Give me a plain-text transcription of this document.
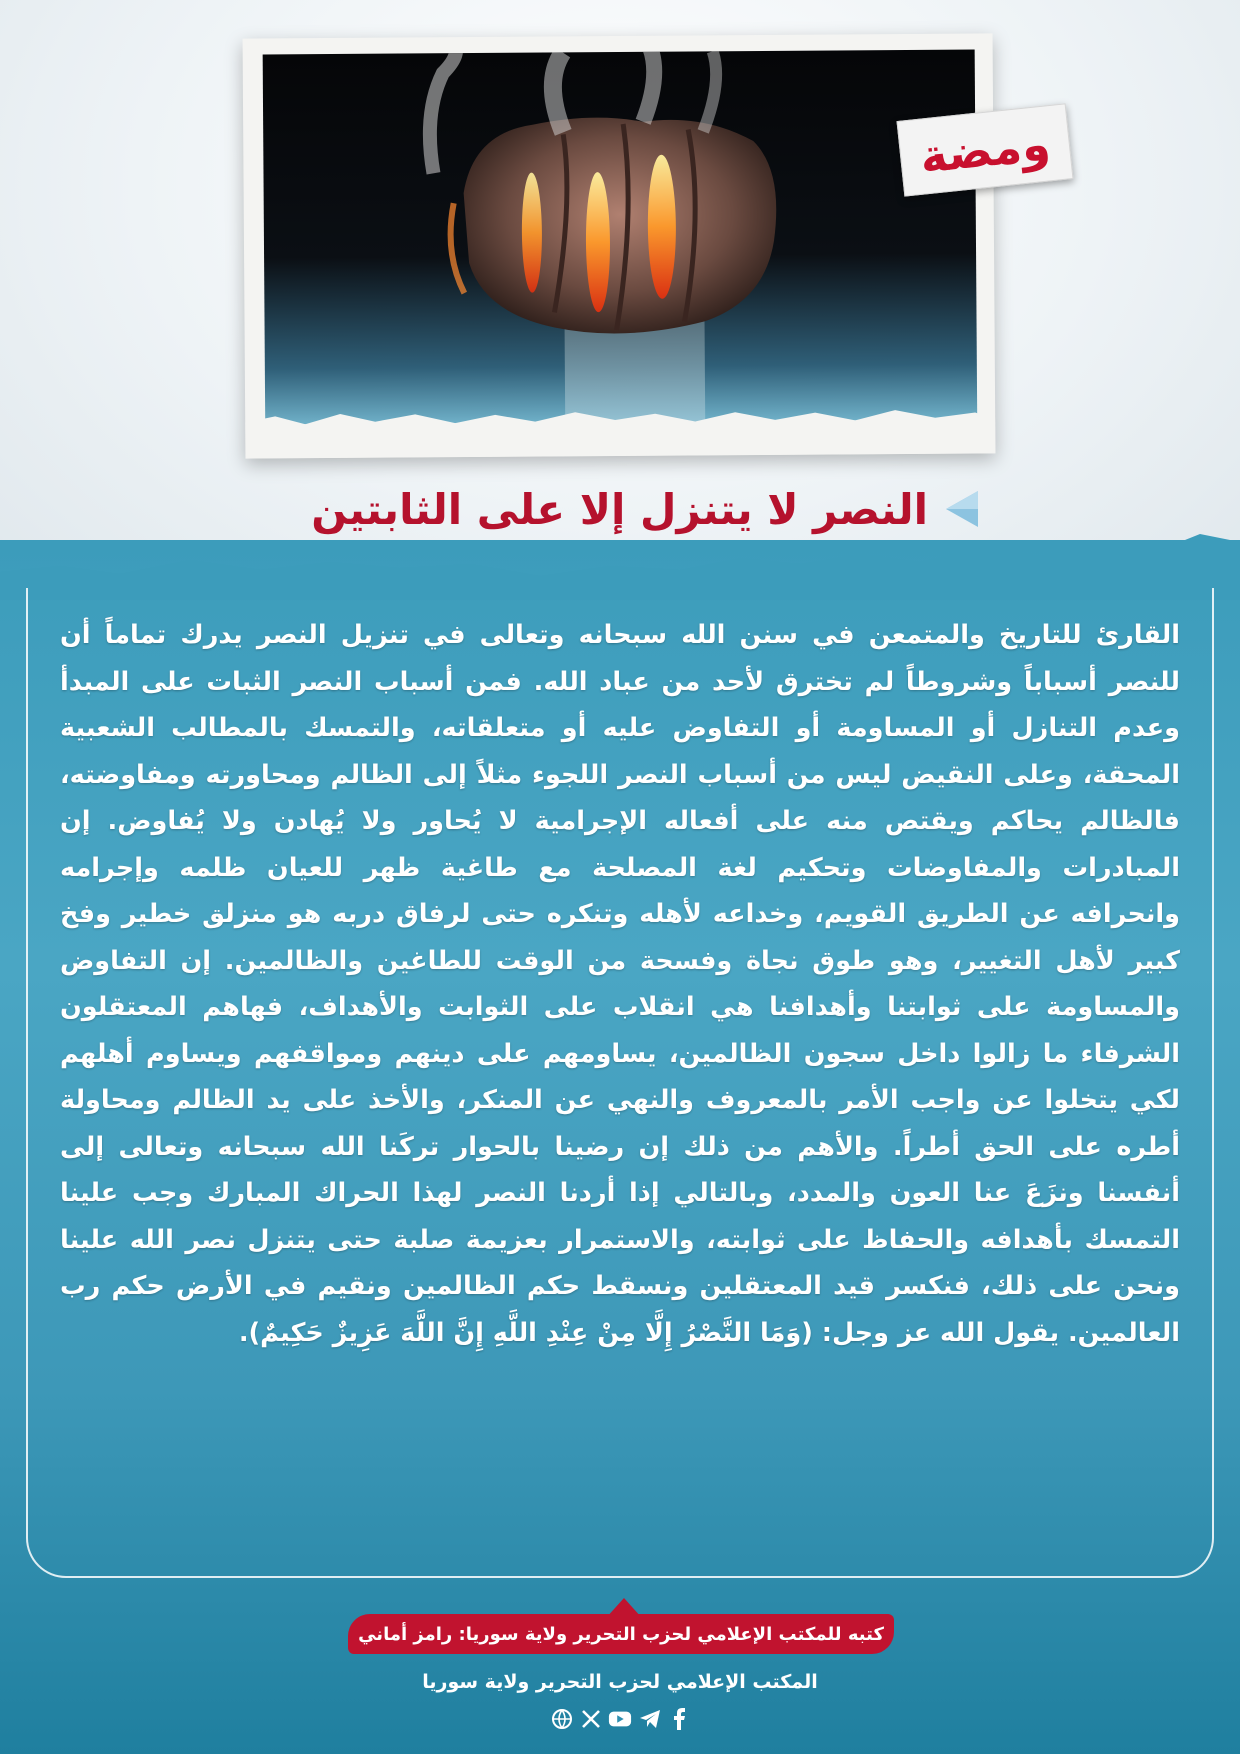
ومضة
النصر لا يتنزل إلا على الثابتين

القارئ للتاريخ والمتمعن في سنن الله سبحانه وتعالى في تنزيل النصر يدرك تماماً أن للنصر أسباباً وشروطاً لم تخترق لأحد من عباد الله. فمن أسباب النصر الثبات على المبدأ وعدم التنازل أو المساومة أو التفاوض عليه أو متعلقاته، والتمسك بالمطالب الشعبية المحقة، وعلى النقيض ليس من أسباب النصر اللجوء مثلاً إلى الظالم ومحاورته ومفاوضته، فالظالم يحاكم ويقتص منه على أفعاله الإجرامية لا يُحاور ولا يُهادن ولا يُفاوض. إن المبادرات والمفاوضات وتحكيم لغة المصلحة مع طاغية ظهر للعيان ظلمه وإجرامه وانحرافه عن الطريق القويم، وخداعه لأهله وتنكره حتى لرفاق دربه هو منزلق خطير وفخ كبير لأهل التغيير، وهو طوق نجاة وفسحة من الوقت للطاغين والظالمين. إن التفاوض والمساومة على ثوابتنا وأهدافنا هي انقلاب على الثوابت والأهداف، فهاهم المعتقلون الشرفاء ما زالوا داخل سجون الظالمين، يساومهم على دينهم ومواقفهم ويساوم أهلهم لكي يتخلوا عن واجب الأمر بالمعروف والنهي عن المنكر، والأخذ على يد الظالم ومحاولة أطره على الحق أطراً. والأهم من ذلك إن رضينا بالحوار تركَنا الله سبحانه وتعالى إلى أنفسنا ونزَعَ عنا العون والمدد، وبالتالي إذا أردنا النصر لهذا الحراك المبارك وجب علينا التمسك بأهدافه والحفاظ على ثوابته، والاستمرار بعزيمة صلبة حتى يتنزل نصر الله علينا ونحن على ذلك، فنكسر قيد المعتقلين ونسقط حكم الظالمين ونقيم في الأرض حكم رب العالمين. يقول الله عز وجل: (وَمَا النَّصْرُ إِلَّا مِنْ عِنْدِ اللَّهِ إِنَّ اللَّهَ عَزِيزٌ حَكِيمٌ).

كتبه للمكتب الإعلامي لحزب التحرير ولاية سوريا: رامز أماني
المكتب الإعلامي لحزب التحرير ولاية سوريا
